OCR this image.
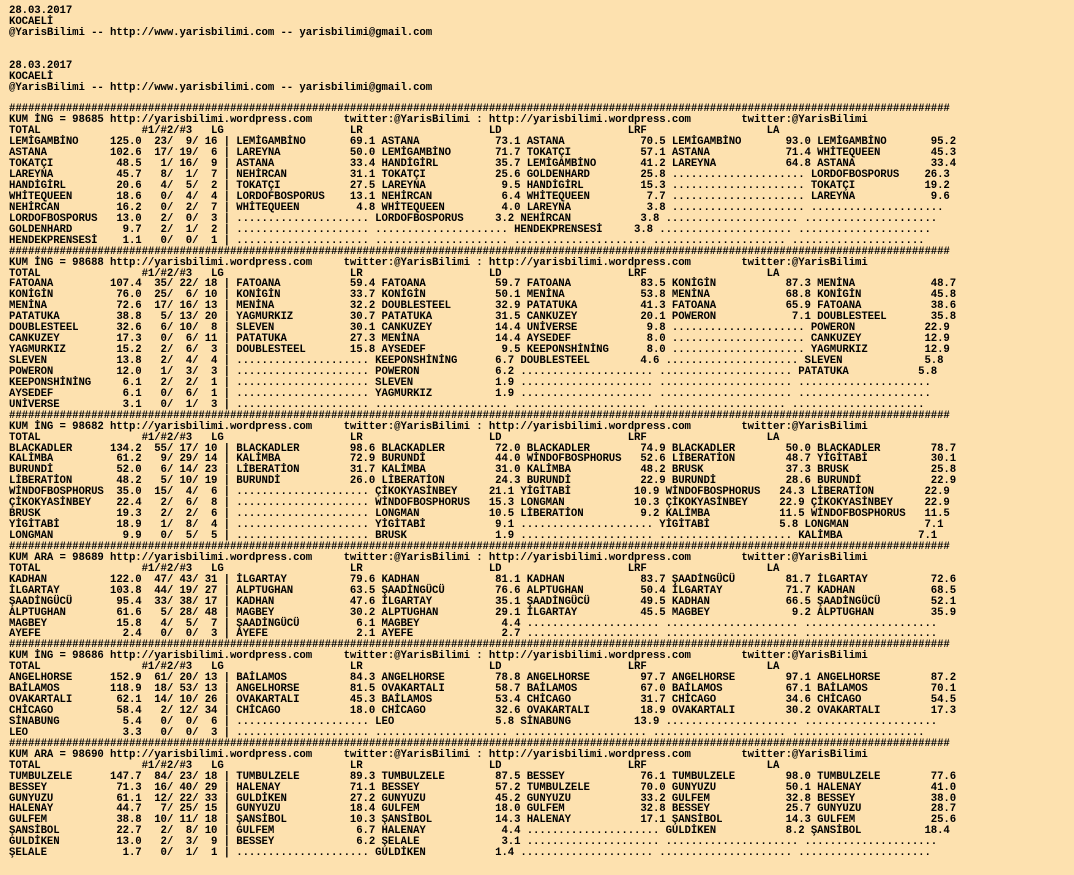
28.03.2017
KOCAELİ
@YarisBilimi -- http://www.yarisbilimi.com -- yarisbilimi@gmail.com
28.03.2017
KOCAELİ
@YarisBilimi -- http://www.yarisbilimi.com -- yarisbilimi@gmail.com
#####################################################################################################################################################
KUM İNG = 98685 http://yarisbilimi.wordpress.com     twitter:@YarisBilimi : http://yarisbilimi.wordpress.com        twitter:@YarisBilimi
TOTAL                #1/#2/#3   LG                    LR                    LD                    LRF                   LA
LEMİGAMBİNO     125.0  23/  9/ 16 | LEMİGAMBİNO       69.1 ASTANA            73.1 ASTANA            70.5 LEMİGAMBİNO       93.0 LEMİGAMBİNO       95.2
ASTANA          102.6  17/ 19/  6 | LAREYNA           50.0 LEMİGAMBİNO       71.7 TOKATÇI           57.1 ASTANA            71.4 WHİTEQUEEN        45.3
TOKATÇI          48.5   1/ 16/  9 | ASTANA            33.4 HANDİGİRL         35.7 LEMİGAMBİNO       41.2 LAREYNA           64.8 ASTANA            33.4
LAREYNA          45.7   8/  1/  7 | NEHİRCAN          31.1 TOKATÇI           25.6 GOLDENHARD        25.8 ..................... LORDOFBOSPORUS    26.3
HANDİGİRL        20.6   4/  5/  2 | TOKATÇI           27.5 LAREYNA            9.5 HANDİGİRL         15.3 ..................... TOKATÇI           19.2
WHİTEQUEEN       18.6   0/  4/  4 | LORDOFBOSPORUS    13.1 NEHİRCAN           6.4 WHİTEQUEEN         7.7 ..................... LAREYNA            9.6
NEHİRCAN         16.2   0/  2/  7 | WHİTEQUEEN         4.8 WHİTEQUEEN         4.0 LAREYNA            3.8 ..................... .....................
LORDOFBOSPORUS   13.0   2/  0/  3 | ..................... LORDOFBOSPORUS     3.2 NEHİRCAN           3.8 ..................... .....................
GOLDENHARD        9.7   2/  1/  2 | ..................... ..................... HENDEKPRENSESİ     3.8 ..................... .....................
HENDEKPRENSESİ    1.1   0/  0/  1 | ..................... ..................... ..................... ..................... .....................
#####################################################################################################################################################
KUM İNG = 98688 http://yarisbilimi.wordpress.com     twitter:@YarisBilimi : http://yarisbilimi.wordpress.com        twitter:@YarisBilimi
TOTAL                #1/#2/#3   LG                    LR                    LD                    LRF                   LA
FATOANA         107.4  35/ 22/ 18 | FATOANA           59.4 FATOANA           59.7 FATOANA           83.5 KONİGİN           87.3 MENİNA            48.7
KONİGİN          76.0  25/  6/ 10 | KONİGİN           33.7 KONİGİN           50.1 MENİNA            53.8 MENİNA            68.8 KONİGİN           45.8
MENİNA           72.6  17/ 16/ 13 | MENİNA            32.2 DOUBLESTEEL       32.9 PATATUKA          41.3 FATOANA           65.9 FATOANA           38.6
PATATUKA         38.8   5/ 13/ 20 | YAGMURKIZ         30.7 PATATUKA          31.5 CANKUZEY          20.1 POWERON            7.1 DOUBLESTEEL       35.8
DOUBLESTEEL      32.6   6/ 10/  8 | SLEVEN            30.1 CANKUZEY          14.4 UNİVERSE           9.8 ..................... POWERON           22.9
CANKUZEY         17.3   0/  6/ 11 | PATATUKA          27.3 MENİNA            14.4 AYSEDEF            8.0 ..................... CANKUZEY          12.9
YAGMURKIZ        15.2   2/  6/  3 | DOUBLESTEEL       15.8 AYSEDEF            9.5 KEEPONSHİNİNG      8.0 ..................... YAGMURKIZ         12.9
SLEVEN           13.8   2/  4/  4 | ..................... KEEPONSHİNİNG      6.7 DOUBLESTEEL        4.6 ..................... SLEVEN             5.8
POWERON          12.0   1/  3/  3 | ..................... POWERON            6.2 ..................... ..................... PATATUKA           5.8
KEEPONSHİNİNG     6.1   2/  2/  1 | ..................... SLEVEN             1.9 ..................... ..................... .....................
AYSEDEF           6.1   0/  6/  1 | ..................... YAGMURKIZ          1.9 ..................... ..................... .....................
UNİVERSE          3.1   0/  1/  3 | ..................... ..................... ..................... ..................... .....................
#####################################################################################################################################################
KUM İNG = 98682 http://yarisbilimi.wordpress.com     twitter:@YarisBilimi : http://yarisbilimi.wordpress.com        twitter:@YarisBilimi
TOTAL                #1/#2/#3   LG                    LR                    LD                    LRF                   LA
BLACKADLER      134.2  55/ 17/ 10 | BLACKADLER        98.6 BLACKADLER        72.0 BLACKADLER        74.9 BLACKADLER        50.0 BLACKADLER        78.7
KALİMBA          61.2   9/ 29/ 14 | KALİMBA           72.9 BURUNDİ           44.0 WİNDOFBOSPHORUS   52.6 LİBERATİON        48.7 YİGİTABİ          30.1
BURUNDİ          52.0   6/ 14/ 23 | LİBERATİON        31.7 KALİMBA           31.0 KALİMBA           48.2 BRUSK             37.3 BRUSK             25.8
LİBERATİON       48.2   5/ 10/ 19 | BURUNDİ           26.0 LİBERATİON        24.3 BURUNDİ           22.9 BURUNDİ           28.6 BURUNDİ           22.9
WİNDOFBOSPHORUS  35.0  15/  4/  6 | ..................... ÇİKOKYASİNBEY     21.1 YİGİTABİ          10.9 WİNDOFBOSPHORUS   24.3 LİBERATİON        22.9
ÇİKOKYASİNBEY    22.4   2/  6/  8 | ..................... WİNDOFBOSPHORUS   15.3 LONGMAN           10.3 ÇİKOKYASİNBEY     22.9 ÇİKOKYASİNBEY     22.9
BRUSK            19.3   2/  2/  6 | ..................... LONGMAN           10.5 LİBERATİON         9.2 KALİMBA           11.5 WİNDOFBOSPHORUS   11.5
YİGİTABİ         18.9   1/  8/  4 | ..................... YİGİTABİ           9.1 ..................... YİGİTABİ           5.8 LONGMAN            7.1
LONGMAN           9.9   0/  5/  5 | ..................... BRUSK              1.9 ..................... ..................... KALİMBA            7.1
#####################################################################################################################################################
KUM ARA = 98689 http://yarisbilimi.wordpress.com     twitter:@YarisBilimi : http://yarisbilimi.wordpress.com        twitter:@YarisBilimi
TOTAL                #1/#2/#3   LG                    LR                    LD                    LRF                   LA
KADHAN          122.0  47/ 43/ 31 | İLGARTAY          79.6 KADHAN            81.1 KADHAN            83.7 ŞAADİNGÜCÜ        81.7 İLGARTAY          72.6
İLGARTAY        103.8  44/ 19/ 27 | ALPTUGHAN         63.5 ŞAADİNGÜCÜ        76.6 ALPTUGHAN         50.4 İLGARTAY          71.7 KADHAN            68.5
ŞAADİNGÜCÜ       95.4  33/ 38/ 17 | KADHAN            47.6 İLGARTAY          35.1 ŞAADİNGÜCÜ        49.5 KADHAN            66.5 ŞAADİNGÜCÜ        52.1
ALPTUGHAN        61.6   5/ 28/ 48 | MAGBEY            30.2 ALPTUGHAN         29.1 İLGARTAY          45.5 MAGBEY             9.2 ALPTUGHAN         35.9
MAGBEY           15.8   4/  5/  7 | ŞAADİNGÜCÜ         6.1 MAGBEY             4.4 ..................... ..................... .....................
AYEFE             2.4   0/  0/  3 | AYEFE              2.1 AYEFE              2.7 ..................... ..................... .....................
#####################################################################################################################################################
KUM İNG = 98686 http://yarisbilimi.wordpress.com     twitter:@YarisBilimi : http://yarisbilimi.wordpress.com        twitter:@YarisBilimi
TOTAL                #1/#2/#3   LG                    LR                    LD                    LRF                   LA
ANGELHORSE      152.9  61/ 20/ 13 | BAİLAMOS          84.3 ANGELHORSE        78.8 ANGELHORSE        97.7 ANGELHORSE        97.1 ANGELHORSE        87.2
BAİLAMOS        118.9  18/ 53/ 13 | ANGELHORSE        81.5 OVAKARTALI        58.7 BAİLAMOS          67.0 BAİLAMOS          67.1 BAİLAMOS          70.1
OVAKARTALI       62.1  14/ 10/ 26 | OVAKARTALI        45.3 BAİLAMOS          53.4 CHİCAGO           31.7 CHİCAGO           34.6 CHİCAGO           54.5
CHİCAGO          58.4   2/ 12/ 34 | CHİCAGO           18.0 CHİCAGO           32.6 OVAKARTALI        18.9 OVAKARTALI        30.2 OVAKARTALI        17.3
SİNABUNG          5.4   0/  0/  6 | ..................... LEO                5.8 SİNABUNG          13.9 ..................... .....................
LEO               3.3   0/  0/  3 | ..................... ..................... ..................... ..................... .....................
#####################################################################################################################################################
KUM ARA = 98690 http://yarisbilimi.wordpress.com     twitter:@YarisBilimi : http://yarisbilimi.wordpress.com        twitter:@YarisBilimi
TOTAL                #1/#2/#3   LG                    LR                    LD                    LRF                   LA
TUMBULZELE      147.7  84/ 23/ 18 | TUMBULZELE        89.3 TUMBULZELE        87.5 BESSEY            76.1 TUMBULZELE        98.0 TUMBULZELE        77.6
BESSEY           71.3  16/ 40/ 29 | HALENAY           71.1 BESSEY            57.2 TUMBULZELE        70.0 GUNYUZU           50.1 HALENAY           41.0
GUNYUZU          61.1  12/ 22/ 33 | GULDİKEN          27.2 GUNYUZU           45.2 GUNYUZU           33.2 GULFEM            32.8 BESSEY            38.0
HALENAY          44.7   7/ 25/ 15 | GUNYUZU           18.4 GULFEM            18.0 GULFEM            32.8 BESSEY            25.7 GUNYUZU           28.7
GULFEM           38.8  10/ 11/ 18 | ŞANSİBOL          10.3 ŞANSİBOL          14.3 HALENAY           17.1 ŞANSİBOL          14.3 GULFEM            25.6
ŞANSİBOL         22.7   2/  8/ 10 | GULFEM             6.7 HALENAY            4.4 ..................... GULDİKEN           8.2 ŞANSİBOL          18.4
GULDİKEN         13.0   2/  3/  9 | BESSEY             6.2 ŞELALE             3.1 ..................... ..................... .....................
ŞELALE            1.7   0/  1/  1 | ..................... GULDİKEN           1.4 ..................... ..................... .....................
